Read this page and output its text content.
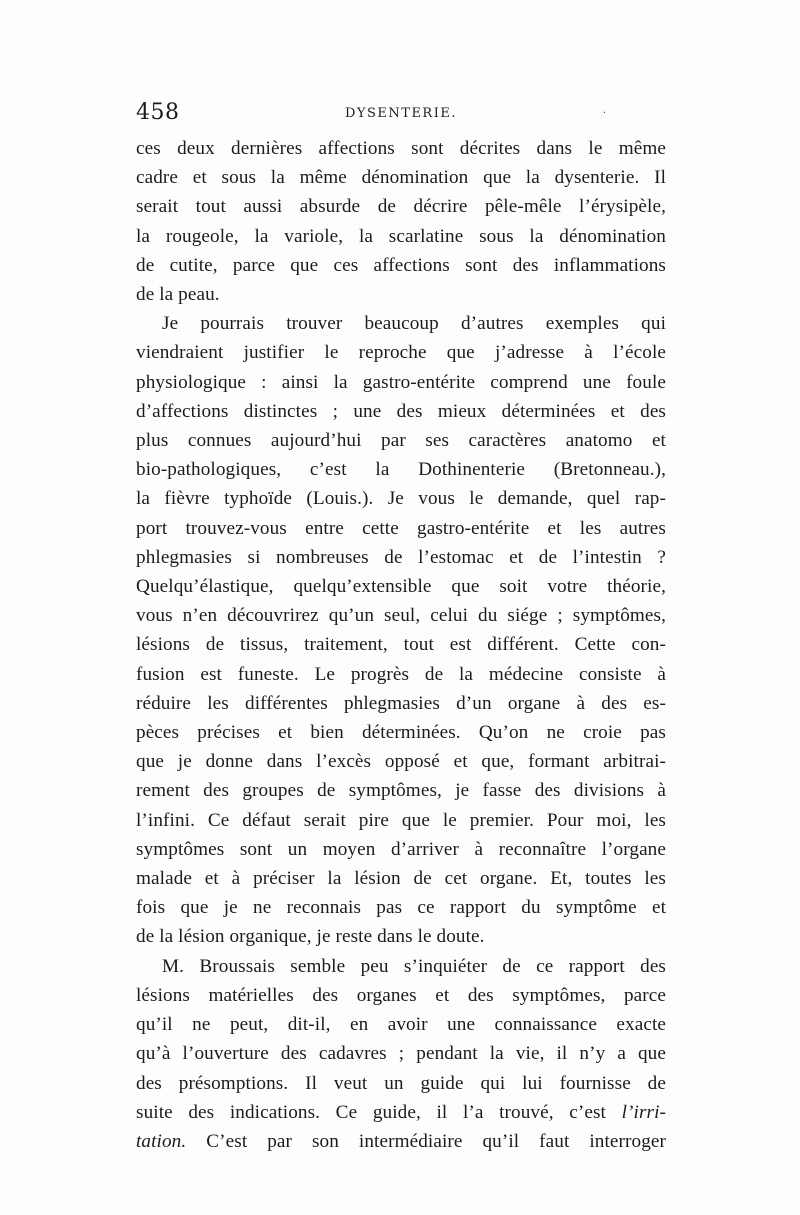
458	DYSENTERIE.	·

ces deux dernières affections sont décrites dans le même
cadre et sous la même dénomination que la dysenterie. Il
serait tout aussi absurde de décrire pêle-mêle l’érysipèle,
la rougeole, la variole, la scarlatine sous la dénomination
de cutite, parce que ces affections sont des inflammations
de la peau.

Je pourrais trouver beaucoup d’autres exemples qui
viendraient justifier le reproche que j’adresse à l’école
physiologique : ainsi la gastro-entérite comprend une foule
d’affections distinctes ; une des mieux déterminées et des
plus connues aujourd’hui par ses caractères anatomo et
bio-pathologiques, c’est la Dothinenterie (Bretonneau.),
la fièvre typhoïde (Louis.). Je vous le demande, quel rap-
port trouvez-vous entre cette gastro-entérite et les autres
phlegmasies si nombreuses de l’estomac et de l’intestin ?
Quelqu’élastique, quelqu’extensible que soit votre théorie,
vous n’en découvrirez qu’un seul, celui du siége ; symptômes,
lésions de tissus, traitement, tout est différent. Cette con-
fusion est funeste. Le progrès de la médecine consiste à
réduire les différentes phlegmasies d’un organe à des es-
pèces précises et bien déterminées. Qu’on ne croie pas
que je donne dans l’excès opposé et que, formant arbitrai-
rement des groupes de symptômes, je fasse des divisions à
l’infini. Ce défaut serait pire que le premier. Pour moi, les
symptômes sont un moyen d’arriver à reconnaître l’organe
malade et à préciser la lésion de cet organe. Et, toutes les
fois que je ne reconnais pas ce rapport du symptôme et
de la lésion organique, je reste dans le doute.

M. Broussais semble peu s’inquiéter de ce rapport des
lésions matérielles des organes et des symptômes, parce
qu’il ne peut, dit-il, en avoir une connaissance exacte
qu’à l’ouverture des cadavres ; pendant la vie, il n’y a que
des présomptions. Il veut un guide qui lui fournisse de
suite des indications. Ce guide, il l’a trouvé, c’est l’irri-
tation. C’est par son intermédiaire qu’il faut interroger
